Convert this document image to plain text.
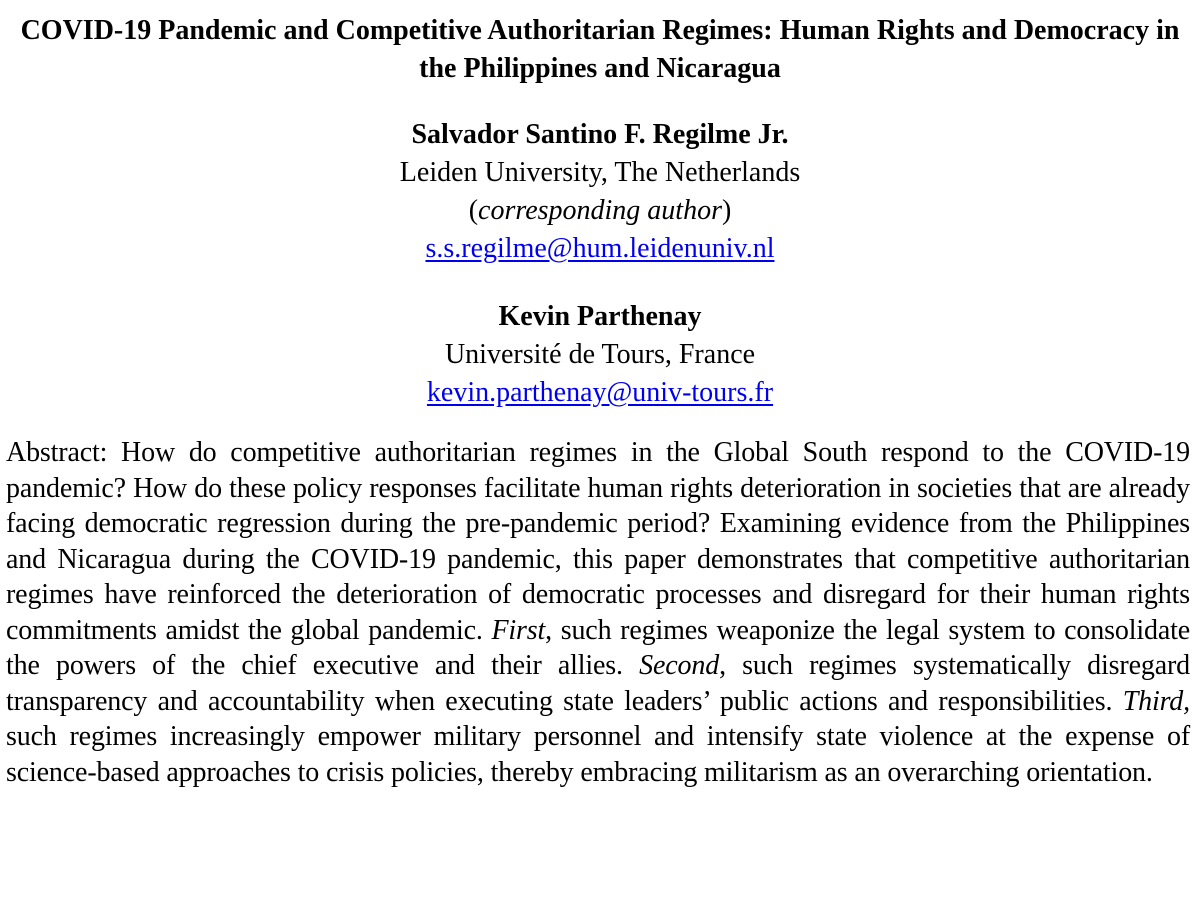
COVID-19 Pandemic and Competitive Authoritarian Regimes: Human Rights and Democracy in the Philippines and Nicaragua
Salvador Santino F. Regilme Jr.
Leiden University, The Netherlands
(corresponding author)
s.s.regilme@hum.leidenuniv.nl
Kevin Parthenay
Université de Tours, France
kevin.parthenay@univ-tours.fr

Abstract: How do competitive authoritarian regimes in the Global South respond to the COVID-19 pandemic? How do these policy responses facilitate human rights deterioration in societies that are already facing democratic regression during the pre-pandemic period? Examining evidence from the Philippines and Nicaragua during the COVID-19 pandemic, this paper demonstrates that competitive authoritarian regimes have reinforced the deterioration of democratic processes and disregard for their human rights commitments amidst the global pandemic. First, such regimes weaponize the legal system to consolidate the powers of the chief executive and their allies. Second, such regimes systematically disregard transparency and accountability when executing state leaders’ public actions and responsibilities. Third, such regimes increasingly empower military personnel and intensify state violence at the expense of science-based approaches to crisis policies, thereby embracing militarism as an overarching orientation.
